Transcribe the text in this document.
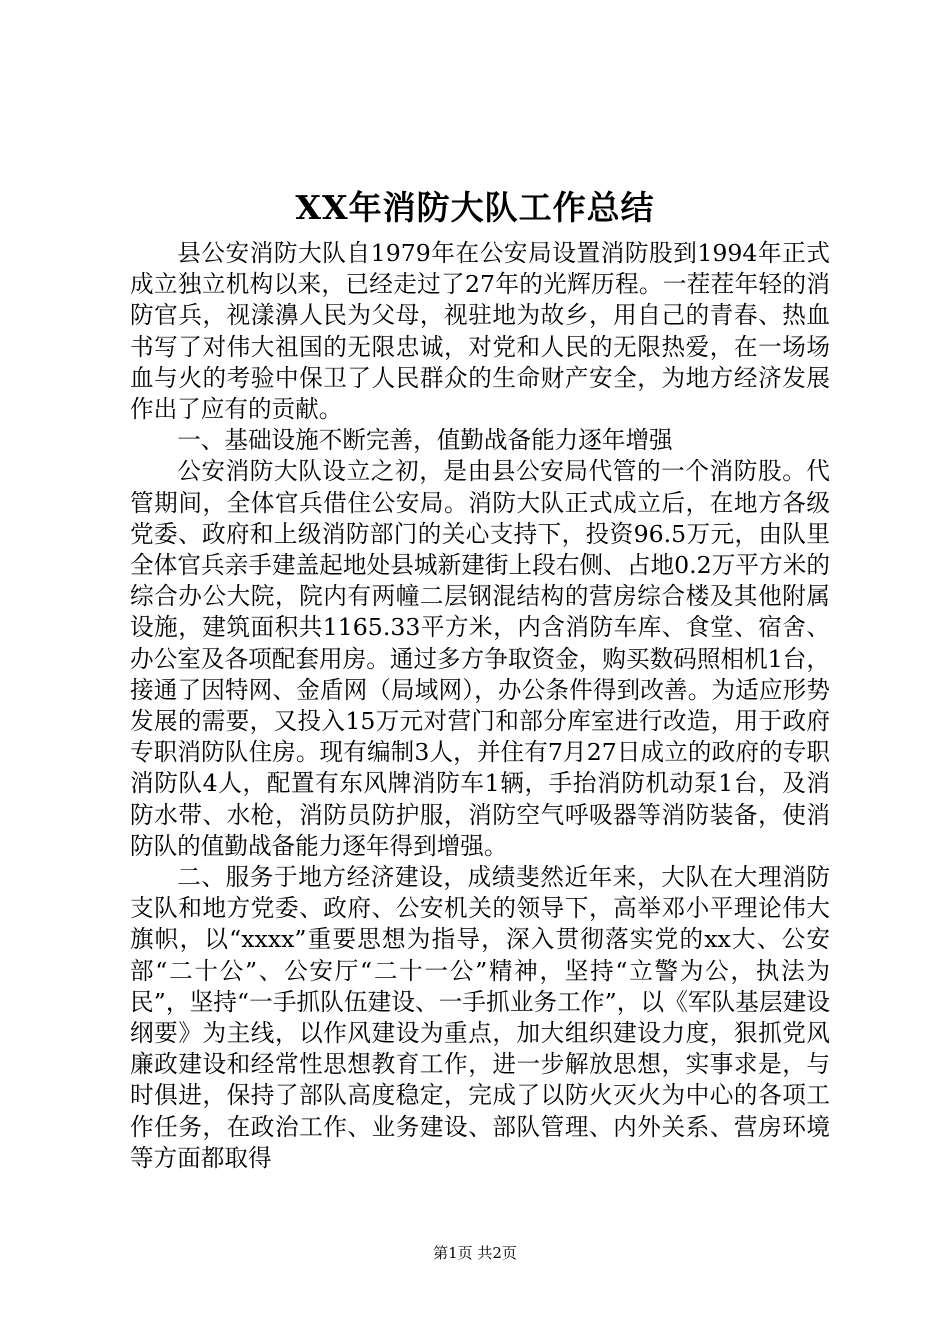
XX年消防大队工作总结

县公安消防大队自1979年在公安局设置消防股到1994年正式成立独立机构以来，已经走过了27年的光辉历程。一茬茬年轻的消防官兵，视漾濞人民为父母，视驻地为故乡，用自己的青春、热血书写了对伟大祖国的无限忠诚，对党和人民的无限热爱，在一场场血与火的考验中保卫了人民群众的生命财产安全，为地方经济发展作出了应有的贡献。

一、基础设施不断完善，值勤战备能力逐年增强

公安消防大队设立之初，是由县公安局代管的一个消防股。代管期间，全体官兵借住公安局。消防大队正式成立后，在地方各级党委、政府和上级消防部门的关心支持下，投资96.5万元，由队里全体官兵亲手建盖起地处县城新建街上段右侧、占地0.2万平方米的综合办公大院，院内有两幢二层钢混结构的营房综合楼及其他附属设施，建筑面积共1165.33平方米，内含消防车库、食堂、宿舍、办公室及各项配套用房。通过多方争取资金，购买数码照相机1台，接通了因特网、金盾网（局域网），办公条件得到改善。为适应形势发展的需要，又投入15万元对营门和部分库室进行改造，用于政府专职消防队住房。现有编制3人，并住有7月27日成立的政府的专职消防队4人，配置有东风牌消防车1辆，手抬消防机动泵1台，及消防水带、水枪，消防员防护服，消防空气呼吸器等消防装备，使消防队的值勤战备能力逐年得到增强。

二、服务于地方经济建设，成绩斐然近年来，大队在大理消防支队和地方党委、政府、公安机关的领导下，高举邓小平理论伟大旗帜，以“xxxx”重要思想为指导，深入贯彻落实党的xx大、公安部“二十公”、公安厅“二十一公”精神，坚持“立警为公，执法为民”，坚持“一手抓队伍建设、一手抓业务工作”，以《军队基层建设纲要》为主线，以作风建设为重点，加大组织建设力度，狠抓党风廉政建设和经常性思想教育工作，进一步解放思想，实事求是，与时俱进，保持了部队高度稳定，完成了以防火灭火为中心的各项工作任务，在政治工作、业务建设、部队管理、内外关系、营房环境等方面都取得

第1页 共2页
